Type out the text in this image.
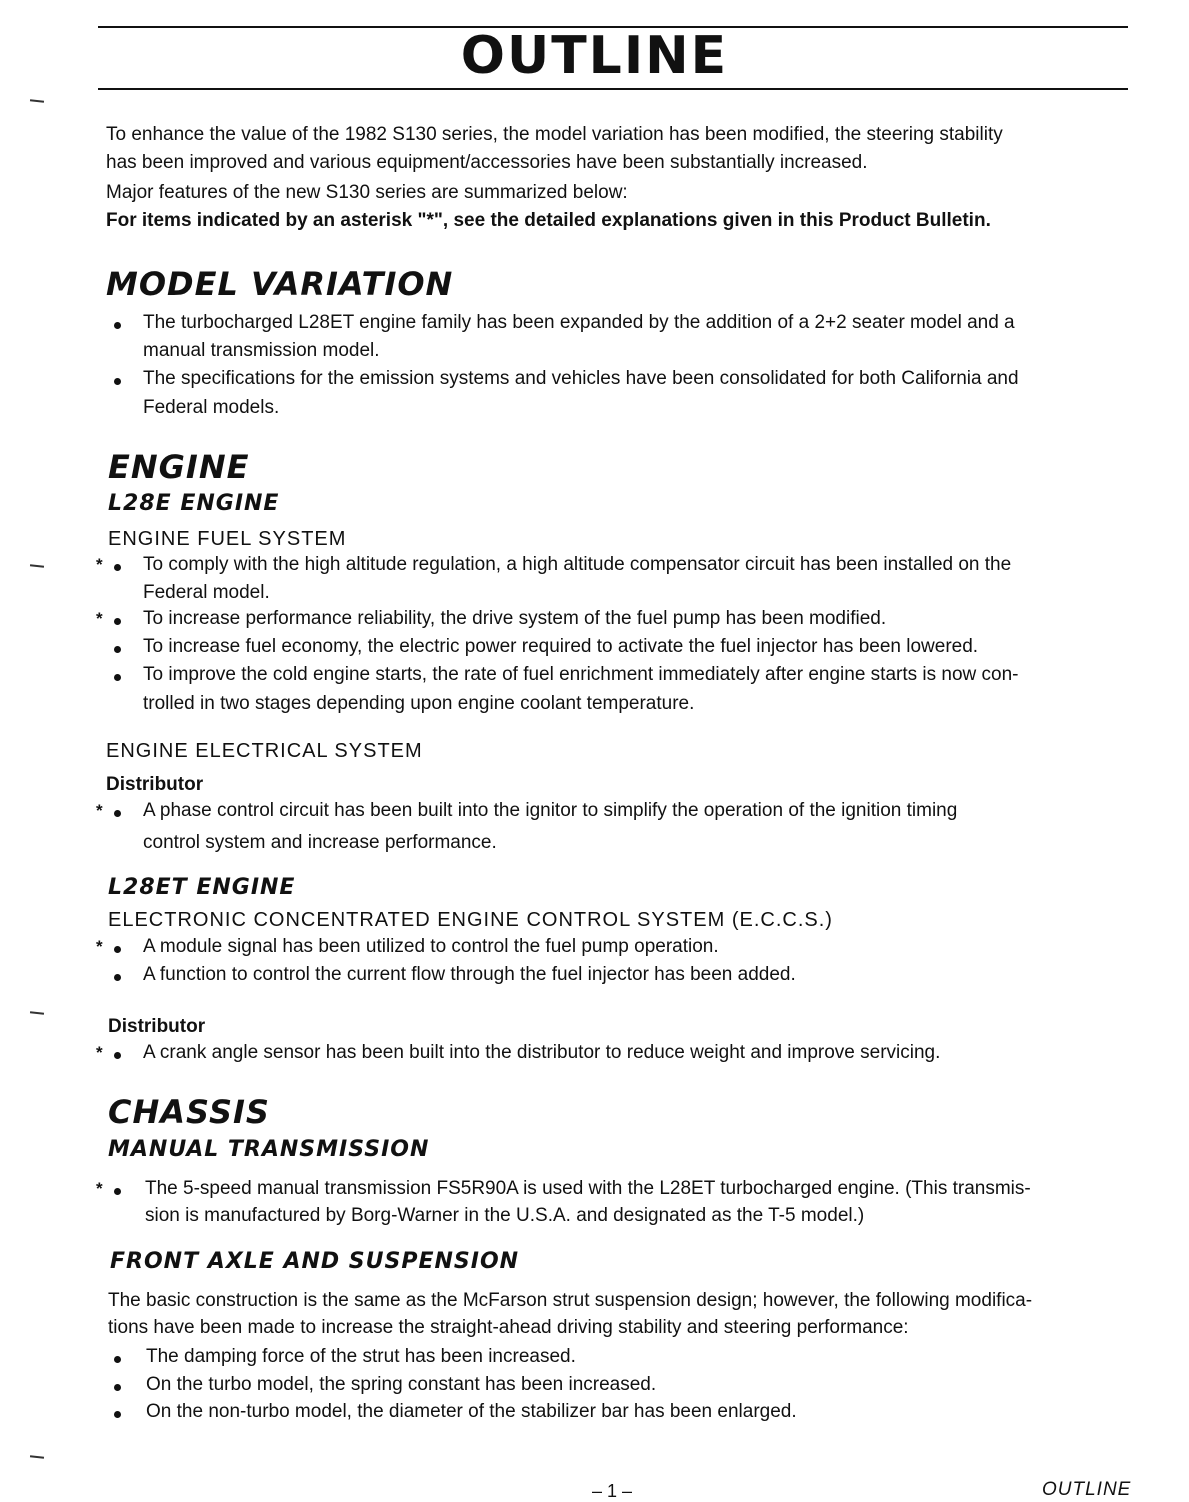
OUTLINE
To enhance the value of the 1982 S130 series, the model variation has been modified, the steering stability
has been improved and various equipment/accessories have been substantially increased.
Major features of the new S130 series are summarized below:
For items indicated by an asterisk "*", see the detailed explanations given in this Product Bulletin.
MODEL VARIATION
The turbocharged L28ET engine family has been expanded by the addition of a 2+2 seater model and a
manual transmission model.
The specifications for the emission systems and vehicles have been consolidated for both California and
Federal models.
ENGINE
L28E ENGINE
ENGINE FUEL SYSTEM
* To comply with the high altitude regulation, a high altitude compensator circuit has been installed on the
Federal model.
* To increase performance reliability, the drive system of the fuel pump has been modified.
To increase fuel economy, the electric power required to activate the fuel injector has been lowered.
To improve the cold engine starts, the rate of fuel enrichment immediately after engine starts is now con-
trolled in two stages depending upon engine coolant temperature.
ENGINE ELECTRICAL SYSTEM
Distributor
* A phase control circuit has been built into the ignitor to simplify the operation of the ignition timing
control system and increase performance.
L28ET ENGINE
ELECTRONIC CONCENTRATED ENGINE CONTROL SYSTEM (E.C.C.S.)
* A module signal has been utilized to control the fuel pump operation.
A function to control the current flow through the fuel injector has been added.
Distributor
* A crank angle sensor has been built into the distributor to reduce weight and improve servicing.
CHASSIS
MANUAL TRANSMISSION
* The 5-speed manual transmission FS5R90A is used with the L28ET turbocharged engine. (This transmis-
sion is manufactured by Borg-Warner in the U.S.A. and designated as the T-5 model.)
FRONT AXLE AND SUSPENSION
The basic construction is the same as the McFarson strut suspension design; however, the following modifica-
tions have been made to increase the straight-ahead driving stability and steering performance:
The damping force of the strut has been increased.
On the turbo model, the spring constant has been increased.
On the non-turbo model, the diameter of the stabilizer bar has been enlarged.
– 1 –	OUTLINE
